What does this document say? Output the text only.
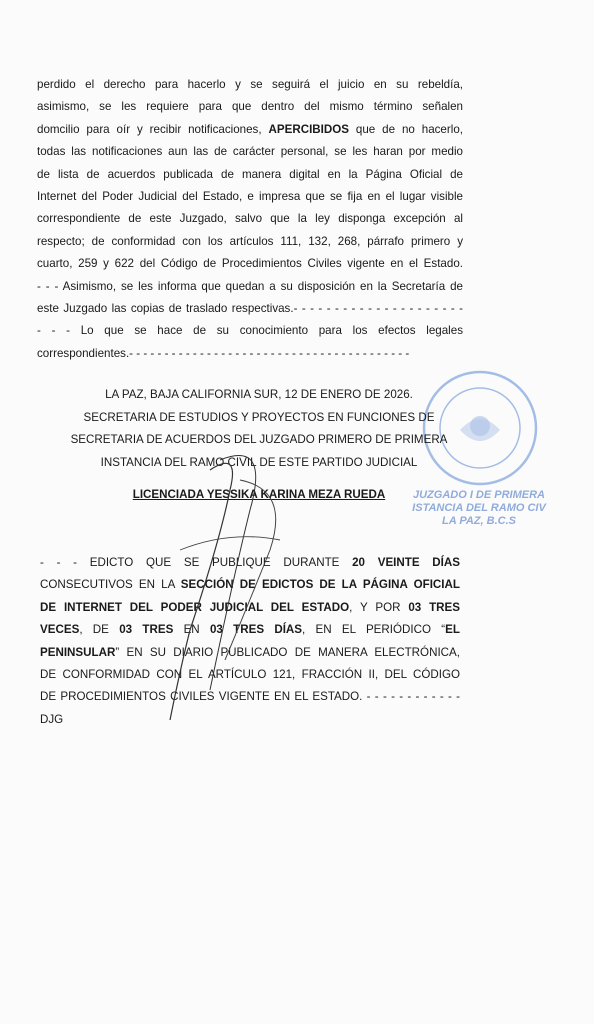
perdido el derecho para hacerlo y se seguirá el juicio en su rebeldía,
asimismo, se les requiere para que dentro del mismo término señalen
domcilio para oír y recibir notificaciones, APERCIBIDOS que de no hacerlo,
todas las notificaciones aun las de carácter personal, se les haran por medio
de lista de acuerdos publicada de manera digital en la Página Oficial de
Internet del Poder Judicial del Estado, e impresa que se fija en el lugar visible
correspondiente de este Juzgado, salvo que la ley disponga excepción al
respecto; de conformidad con los artículos 111, 132, 268, párrafo primero y
cuarto, 259 y 622 del Código de Procedimientos Civiles vigente en el Estado.
- - - Asimismo, se les informa que quedan a su disposición en la Secretaría de
este Juzgado las copias de traslado respectivas.- - - - - - - - - - - - - - - - - - - - -
- - - Lo que se hace de su conocimiento para los efectos legales
correspondientes.- - - - - - - - - - - - - - - - - - - - - - - - - - - - - - - - - - - - - - - -
LA PAZ, BAJA CALIFORNIA SUR, 12 DE ENERO DE 2026.
SECRETARIA DE ESTUDIOS Y PROYECTOS EN FUNCIONES DE
SECRETARIA DE ACUERDOS DEL JUZGADO PRIMERO DE PRIMERA
INSTANCIA DEL RAMO CIVIL DE ESTE PARTIDO JUDICIAL
LICENCIADA YESSIKA KARINA MEZA RUEDA	JUZGADO I DE PRIMERA
ISTANCIA DEL RAMO CIV
LA PAZ, B.C.S
- - - EDICTO QUE SE PUBLIQUE DURANTE 20 VEINTE DÍAS
CONSECUTIVOS EN LA SECCIÓN DE EDICTOS DE LA PÁGINA OFICIAL
DE INTERNET DEL PODER JUDICIAL DEL ESTADO, Y POR 03 TRES
VECES, DE 03 TRES EN 03 TRES DÍAS, EN EL PERIÓDICO “EL
PENINSULAR” EN SU DIARIO PUBLICADO DE MANERA ELECTRÓNICA,
DE CONFORMIDAD CON EL ARTÍCULO 121, FRACCIÓN II, DEL CÓDIGO
DE PROCEDIMIENTOS CIVILES VIGENTE EN EL ESTADO. - - - - - - - - - - - -
DJG
